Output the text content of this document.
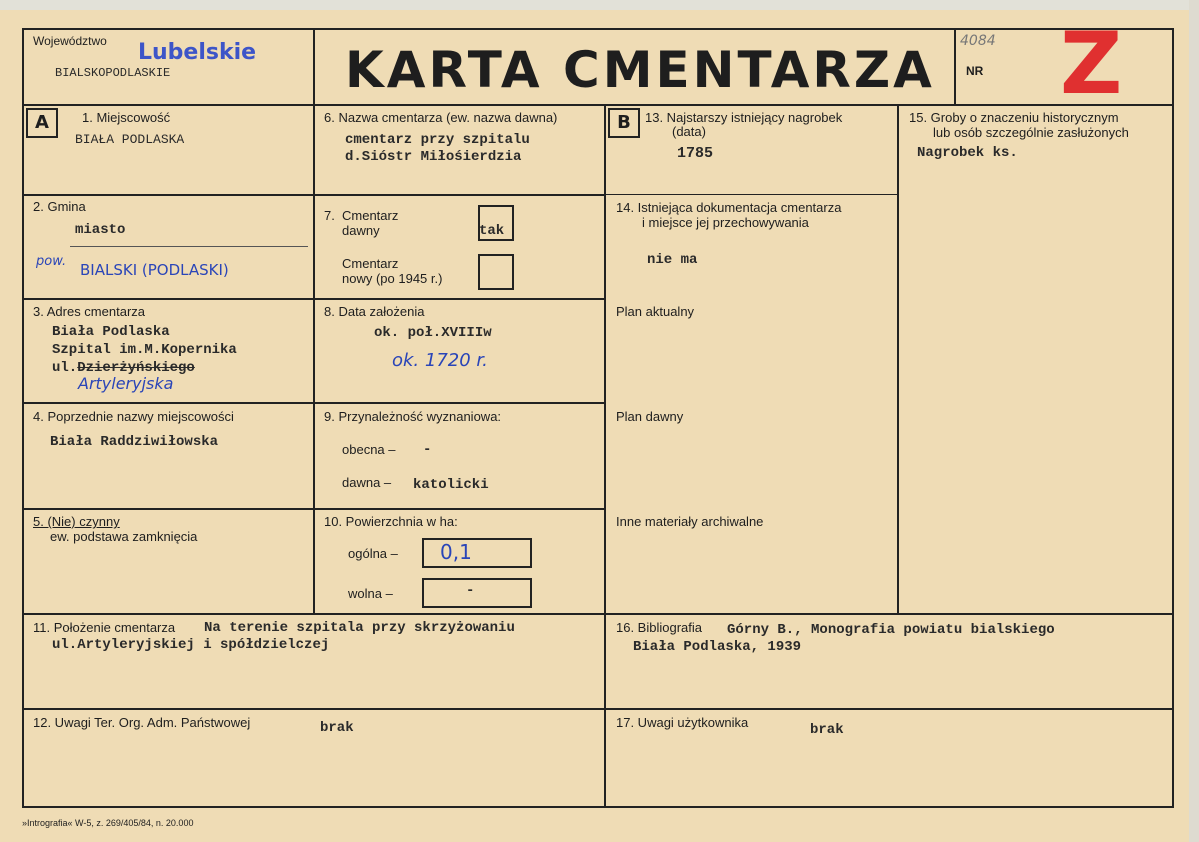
Województwo Lubelskie
BIALSKOPODLASKIE	KARTA CMENTARZA 4084
NR Z
A	B
1. Miejscowość
BIAŁA PODLASKA
2. Gmina
miasto
pow. BIALSKI (PODLASKI)
3. Adres cmentarza
Biała Podlaska
Szpital im.M.Kopernika
ul.Dzierżyńskiego
Artyleryjska
4. Poprzednie nazwy miejscowości
Biała Raddziwiłowska
5. (Nie) czynny
ew. podstawa zamknięcia
6. Nazwa cmentarza (ew. nazwa dawna)
cmentarz przy szpitalu
d.Sióstr Miłośierdzia
7. Cmentarz
dawny	tak
Cmentarz
nowy (po 1945 r.)
8. Data założenia
ok. poł.XVIIIw
ok. 1720 r.
9. Przynależność wyznaniowa:
obecna – -
dawna – katolicki
10. Powierzchnia w ha:
ogólna – 0,1
wolna –	-
13. Najstarszy istniejący nagrobek
(data)
1785
14. Istniejąca dokumentacja cmentarza
i miejsce jej przechowywania
nie ma
Plan aktualny
Plan dawny
Inne materiały archiwalne
15. Groby o znaczeniu historycznym
lub osób szczególnie zasłużonych
Nagrobek ks.
11. Położenie cmentarza Na terenie szpitala przy skrzyżowaniu
ul.Artyleryjskiej i spółdzielczej
16. Bibliografia Górny B., Monografia powiatu bialskiego
Biała Podlaska, 1939
12. Uwagi Ter. Org. Adm. Państwowej	brak	17. Uwagi użytkownika	brak
»Intrografia« W-5, z. 269/405/84, n. 20.000
